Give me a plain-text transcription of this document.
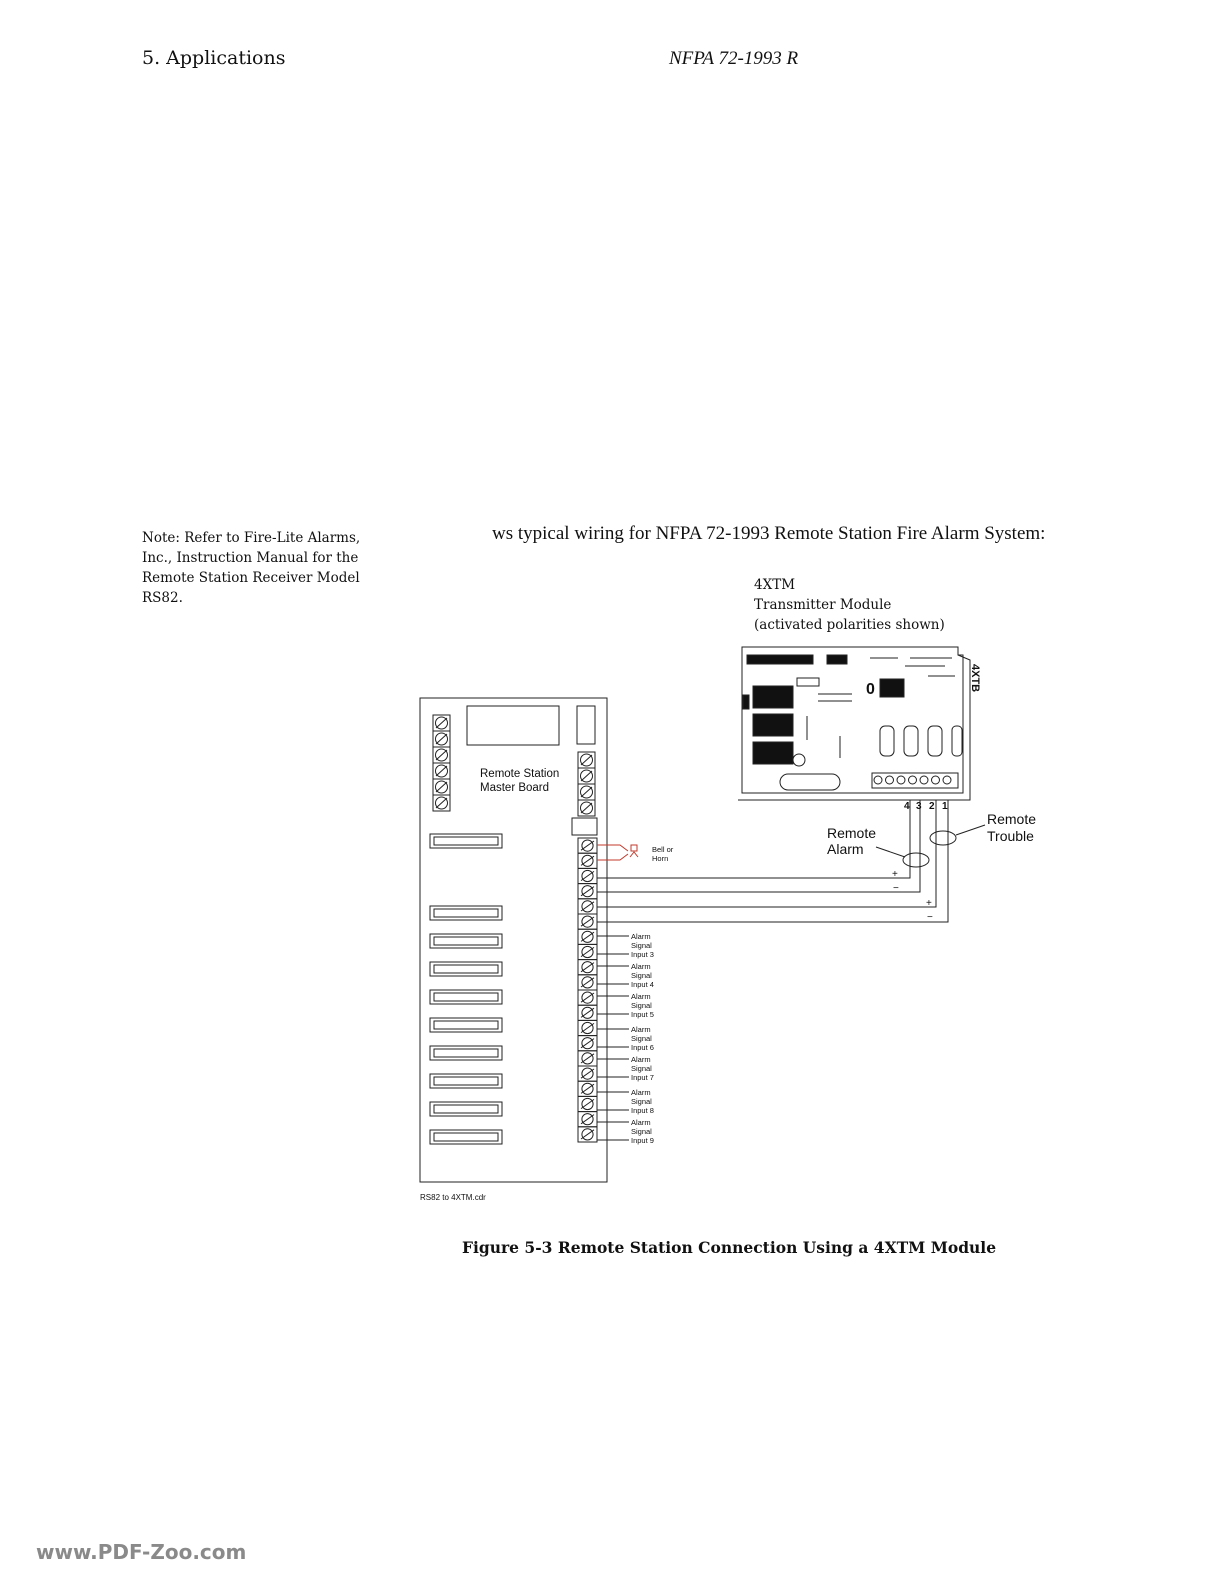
5. Applications	NFPA 72-1993 R
Note: Refer to Fire-Lite Alarms, Inc., Instruction Manual for the Remote Station Receiver Model RS82.
ws typical wiring for NFPA 72-1993 Remote Station Fire Alarm System:
4XTB
0
Remote Station
Master Board
4XTM
Transmitter Module
(activated polarities shown)
4 3 2 1
Remote
Alarm
Remote
Trouble
+
−
+
−
Bell or
Horn
Alarm
Signal
Input 3
Alarm
Signal
Input 4
Alarm
Signal
Input 5
Alarm
Signal
Input 6
Alarm
Signal
Input 7
Alarm
Signal
Input 8
Alarm
Signal
Input 9
RS82 to 4XTM.cdr
Figure 5-3 Remote Station Connection Using a 4XTM Module
www.PDF-Zoo.com
